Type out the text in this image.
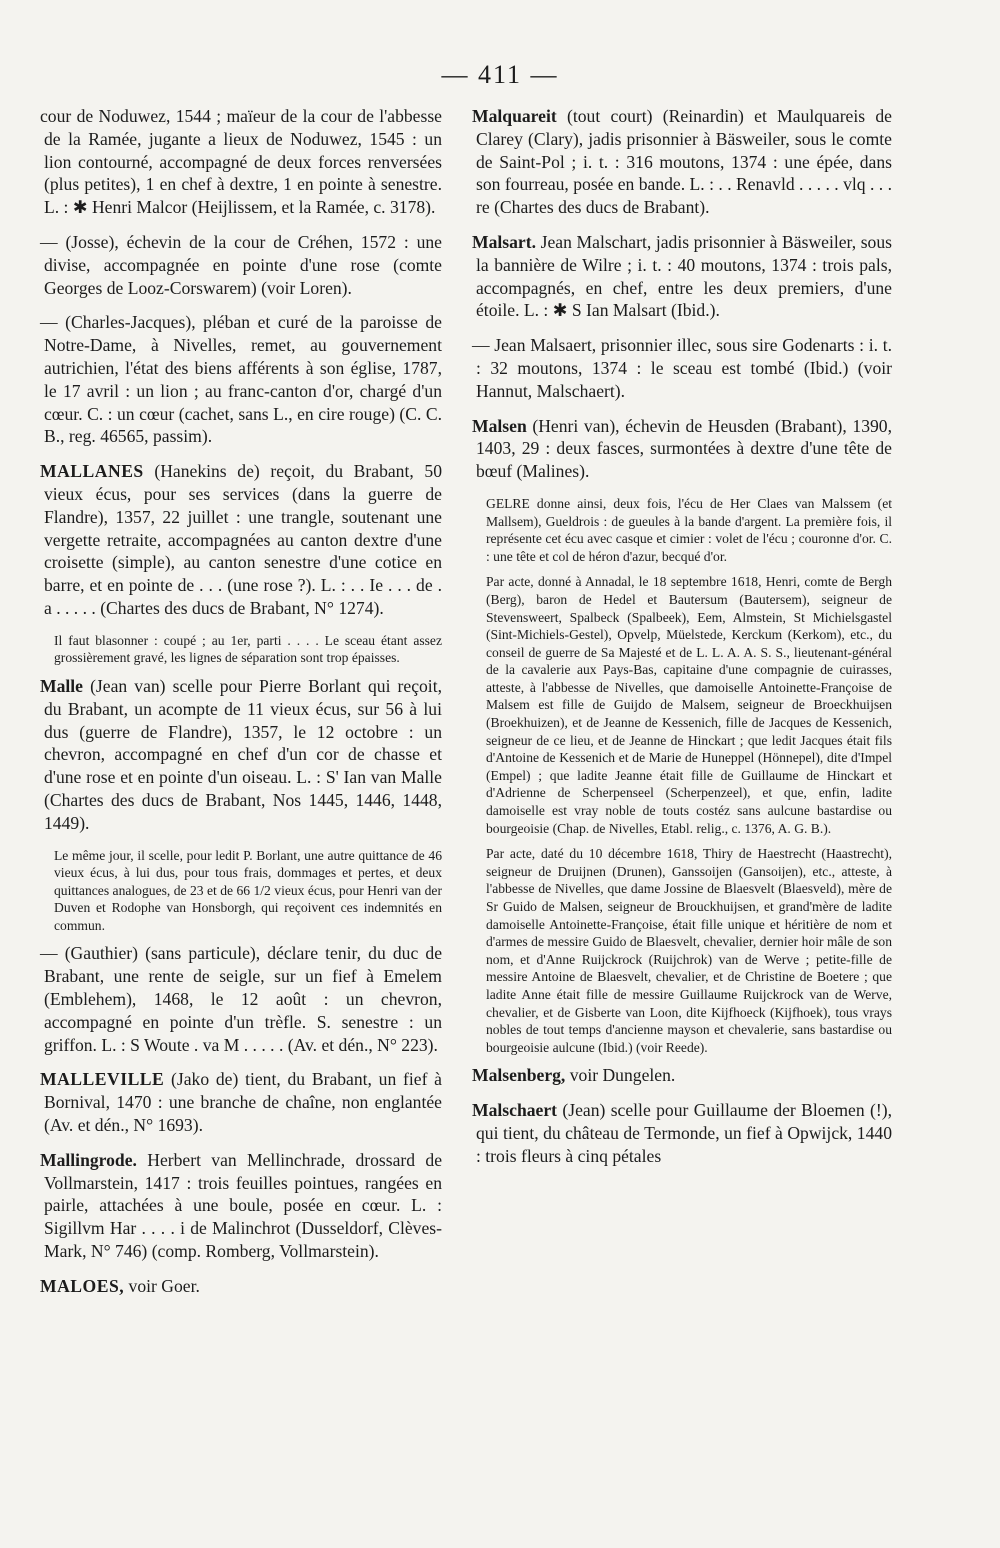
— 411 —

cour de Noduwez, 1544 ; maïeur de la cour de l'abbesse de la Ramée, jugante a lieux de Noduwez, 1545 : un lion contourné, accompagné de deux forces renversées (plus petites), 1 en chef à dextre, 1 en pointe à senestre. L. : ✱ Henri Malcor (Heijlissem, et la Ramée, c. 3178).

— (Josse), échevin de la cour de Créhen, 1572 : une divise, accompagnée en pointe d'une rose (comte Georges de Looz-Corswarem) (voir Loren).

— (Charles-Jacques), pléban et curé de la paroisse de Notre-Dame, à Nivelles, remet, au gouvernement autrichien, l'état des biens afférents à son église, 1787, le 17 avril : un lion ; au franc-canton d'or, chargé d'un cœur. C. : un cœur (cachet, sans L., en cire rouge) (C. C. B., reg. 46565, passim).

MALLANES (Hanekins de) reçoit, du Brabant, 50 vieux écus, pour ses services (dans la guerre de Flandre), 1357, 22 juillet : une trangle, soutenant une vergette retraite, accompagnées au canton dextre d'une croisette (simple), au canton senestre d'une cotice en barre, et en pointe de . . . (une rose ?). L. : . . Ie . . . de . a . . . . . (Chartes des ducs de Brabant, N° 1274).

Il faut blasonner : coupé ; au 1er, parti . . . . Le sceau étant assez grossièrement gravé, les lignes de séparation sont trop épaisses.

Malle (Jean van) scelle pour Pierre Borlant qui reçoit, du Brabant, un acompte de 11 vieux écus, sur 56 à lui dus (guerre de Flandre), 1357, le 12 octobre : un chevron, accompagné en chef d'un cor de chasse et d'une rose et en pointe d'un oiseau. L. : S' Ian van Malle (Chartes des ducs de Brabant, Nos 1445, 1446, 1448, 1449).

Le même jour, il scelle, pour ledit P. Borlant, une autre quittance de 46 vieux écus, à lui dus, pour tous frais, dommages et pertes, et deux quittances analogues, de 23 et de 66 1/2 vieux écus, pour Henri van der Duven et Rodophe van Honsborgh, qui reçoivent ces indemnités en commun.

— (Gauthier) (sans particule), déclare tenir, du duc de Brabant, une rente de seigle, sur un fief à Emelem (Emblehem), 1468, le 12 août : un chevron, accompagné en pointe d'un trèfle. S. senestre : un griffon. L. : S Woute . va M . . . . . (Av. et dén., N° 223).

MALLEVILLE (Jako de) tient, du Brabant, un fief à Bornival, 1470 : une branche de chaîne, non englantée (Av. et dén., N° 1693).

Mallingrode. Herbert van Mellinchrade, drossard de Vollmarstein, 1417 : trois feuilles pointues, rangées en pairle, attachées à une boule, posée en cœur. L. : Sigillvm Har . . . . i de Malinchrot (Dusseldorf, Clèves-Mark, N° 746) (comp. Romberg, Vollmarstein).

MALOES, voir Goer.

Malquareit (tout court) (Reinardin) et Maulquareis de Clarey (Clary), jadis prisonnier à Bäsweiler, sous le comte de Saint-Pol ; i. t. : 316 moutons, 1374 : une épée, dans son fourreau, posée en bande. L. : . . Renavld . . . . . vlq . . . re (Chartes des ducs de Brabant).

Malsart. Jean Malschart, jadis prisonnier à Bäsweiler, sous la bannière de Wilre ; i. t. : 40 moutons, 1374 : trois pals, accompagnés, en chef, entre les deux premiers, d'une étoile. L. : ✱ S Ian Malsart (Ibid.).

— Jean Malsaert, prisonnier illec, sous sire Godenarts : i. t. : 32 moutons, 1374 : le sceau est tombé (Ibid.) (voir Hannut, Malschaert).

Malsen (Henri van), échevin de Heusden (Brabant), 1390, 1403, 29 : deux fasces, surmontées à dextre d'une tête de bœuf (Malines).

GELRE donne ainsi, deux fois, l'écu de Her Claes van Malssem (et Mallsem), Gueldrois : de gueules à la bande d'argent. La première fois, il représente cet écu avec casque et cimier : volet de l'écu ; couronne d'or. C. : une tête et col de héron d'azur, becqué d'or.

Par acte, donné à Annadal, le 18 septembre 1618, Henri, comte de Bergh (Berg), baron de Hedel et Bautersum (Bautersem), seigneur de Stevensweert, Spalbeck (Spalbeek), Eem, Almstein, St Michielsgastel (Sint-Michiels-Gestel), Opvelp, Müelstede, Kerckum (Kerkom), etc., du conseil de guerre de Sa Majesté et de L. L. A. A. S. S., lieutenant-général de la cavalerie aux Pays-Bas, capitaine d'une compagnie de cuirasses, atteste, à l'abbesse de Nivelles, que damoiselle Antoinette-Françoise de Malsem est fille de Guijdo de Malsem, seigneur de Broeckhuijsen (Broekhuizen), et de Jeanne de Kessenich, fille de Jacques de Kessenich, seigneur de ce lieu, et de Jeanne de Hinckart ; que ledit Jacques était fils d'Antoine de Kessenich et de Marie de Huneppel (Hönnepel), dite d'Impel (Empel) ; que ladite Jeanne était fille de Guillaume de Hinckart et d'Adrienne de Scherpenseel (Scherpenzeel), et que, enfin, ladite damoiselle est vray noble de touts costéz sans aulcune bastardise ou bourgeoisie (Chap. de Nivelles, Etabl. relig., c. 1376, A. G. B.).

Par acte, daté du 10 décembre 1618, Thiry de Haestrecht (Haastrecht), seigneur de Druijnen (Drunen), Ganssoijen (Gansoijen), etc., atteste, à l'abbesse de Nivelles, que dame Jossine de Blaesvelt (Blaesveld), mère de Sr Guido de Malsen, seigneur de Brouckhuijsen, et grand'mère de ladite damoiselle Antoinette-Françoise, était fille unique et héritière de nom et d'armes de messire Guido de Blaesvelt, chevalier, dernier hoir mâle de son nom, et d'Anne Ruijckrock (Ruijchrok) van de Werve ; petite-fille de messire Antoine de Blaesvelt, chevalier, et de Christine de Boetere ; que ladite Anne était fille de messire Guillaume Ruijckrock van de Werve, chevalier, et de Gisberte van Loon, dite Kijfhoeck (Kijfhoek), tous vrays nobles de tout temps d'ancienne mayson et chevalerie, sans bastardise ou bourgeoisie aulcune (Ibid.) (voir Reede).

Malsenberg, voir Dungelen.

Malschaert (Jean) scelle pour Guillaume der Bloemen (!), qui tient, du château de Termonde, un fief à Opwijck, 1440 : trois fleurs à cinq pétales
